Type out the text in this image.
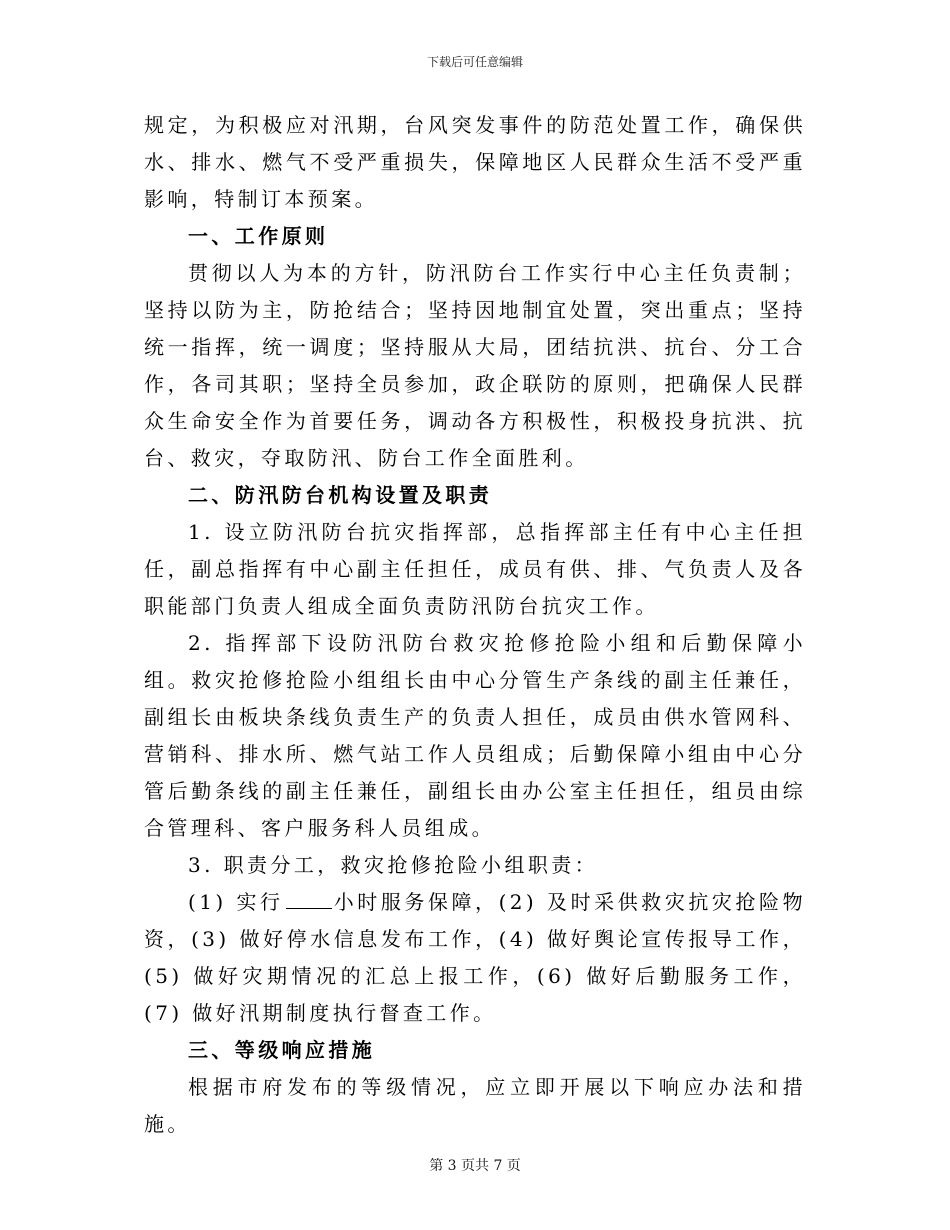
下载后可任意编辑

规定，为积极应对汛期，台风突发事件的防范处置工作，确保供水、排水、燃气不受严重损失，保障地区人民群众生活不受严重影响，特制订本预案。

一、工作原则

贯彻以人为本的方针，防汛防台工作实行中心主任负责制；坚持以防为主，防抢结合；坚持因地制宜处置，突出重点；坚持统一指挥，统一调度；坚持服从大局，团结抗洪、抗台、分工合作，各司其职；坚持全员参加，政企联防的原则，把确保人民群众生命安全作为首要任务，调动各方积极性，积极投身抗洪、抗台、救灾，夺取防汛、防台工作全面胜利。

二、防汛防台机构设置及职责

1. 设立防汛防台抗灾指挥部，总指挥部主任有中心主任担任，副总指挥有中心副主任担任，成员有供、排、气负责人及各职能部门负责人组成全面负责防汛防台抗灾工作。

2. 指挥部下设防汛防台救灾抢修抢险小组和后勤保障小组。救灾抢修抢险小组组长由中心分管生产条线的副主任兼任，副组长由板块条线负责生产的负责人担任，成员由供水管网科、营销科、排水所、燃气站工作人员组成；后勤保障小组由中心分管后勤条线的副主任兼任，副组长由办公室主任担任，组员由综合管理科、客户服务科人员组成。

3. 职责分工，救灾抢修抢险小组职责：

(1) 实行	小时服务保障，(2) 及时采供救灾抗灾抢险物资，(3) 做好停水信息发布工作，(4) 做好舆论宣传报导工作，(5) 做好灾期情况的汇总上报工作，(6) 做好后勤服务工作，(7) 做好汛期制度执行督查工作。

三、等级响应措施

根据市府发布的等级情况，应立即开展以下响应办法和措施。

第 3 页共 7 页
